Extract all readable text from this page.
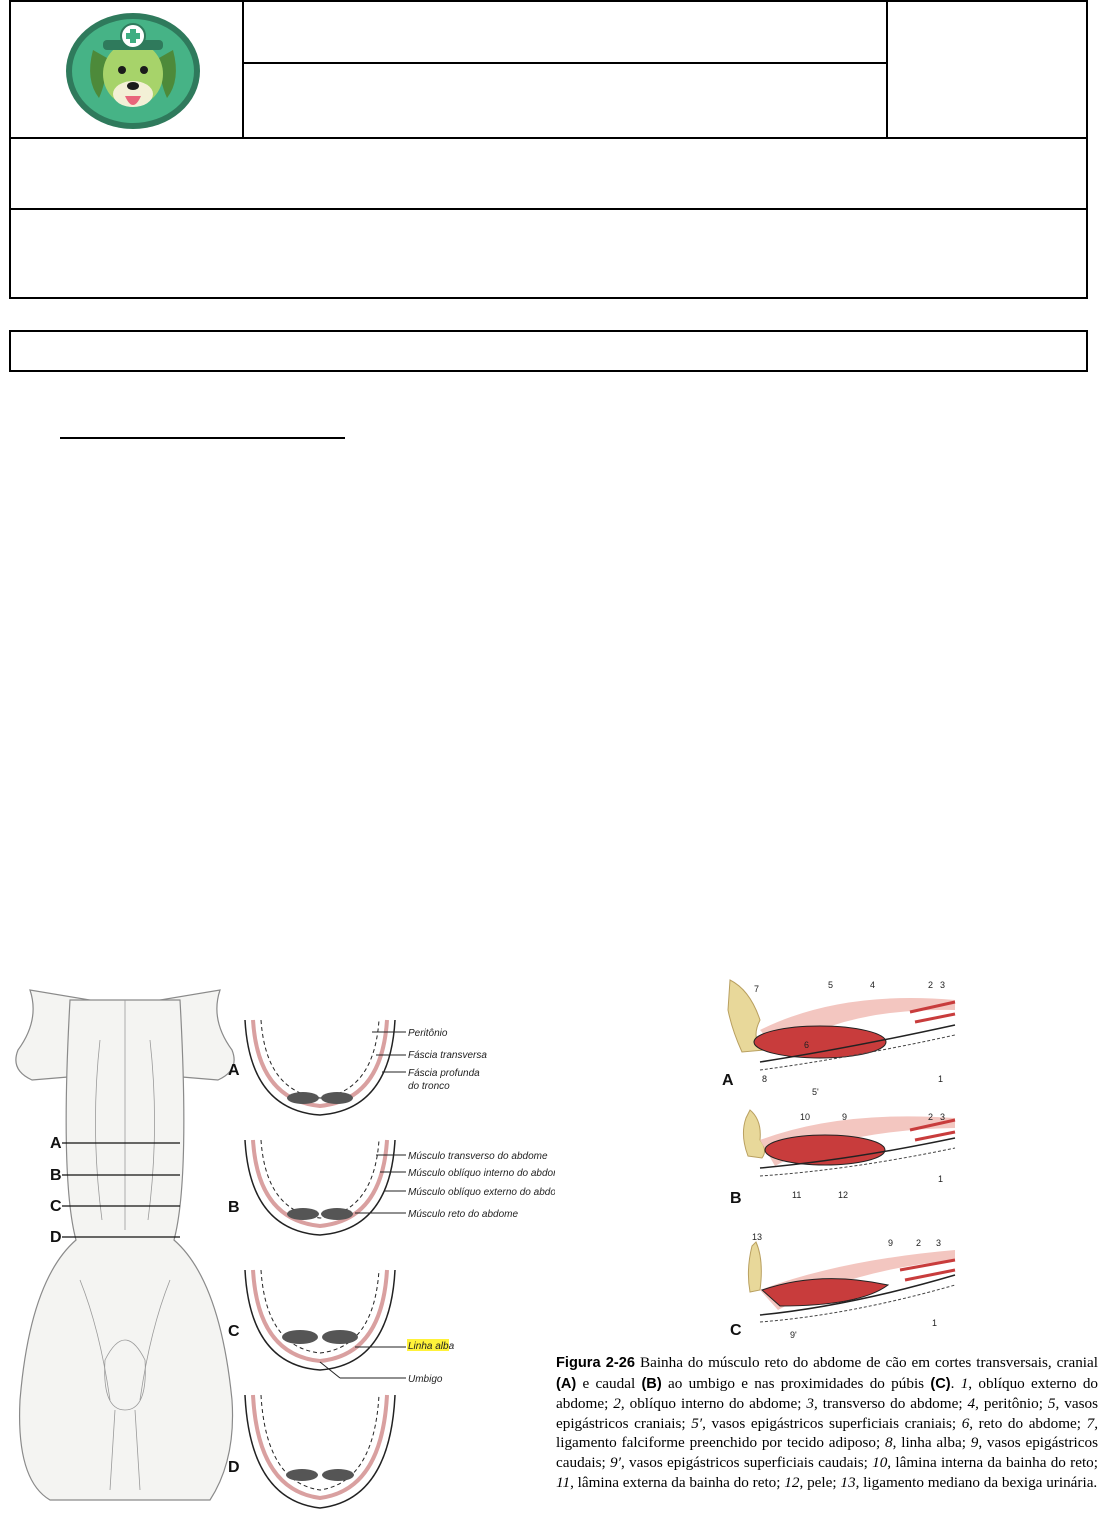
A
B
C
D
A
Peritônio
Fáscia transversa
Fáscia profunda
do tronco
B
Músculo transverso do abdome
Músculo oblíquo interno do abdome
Músculo oblíquo externo do abdome
Músculo reto do abdome
C
Linha alba
Umbigo
D
A
7	5	4	2 3
6
8
5'
1
B
10	9	2 3
11	12
1
C
13
9	2 3
9'
1
Figura 2-26 Bainha do músculo reto do abdome de cão em cortes transversais, cranial (A) e caudal (B) ao umbigo e nas proximidades do púbis (C). 1, oblíquo externo do abdome; 2, oblíquo interno do abdome; 3, transverso do abdome; 4, peritônio; 5, vasos epigástricos craniais; 5′, vasos epigástricos superficiais craniais; 6, reto do abdome; 7, ligamento falciforme preenchido por tecido adiposo; 8, linha alba; 9, vasos epigástricos caudais; 9′, vasos epigástricos superficiais caudais; 10, lâmina interna da bainha do reto; 11, lâmina externa da bainha do reto; 12, pele; 13, ligamento mediano da bexiga urinária.
